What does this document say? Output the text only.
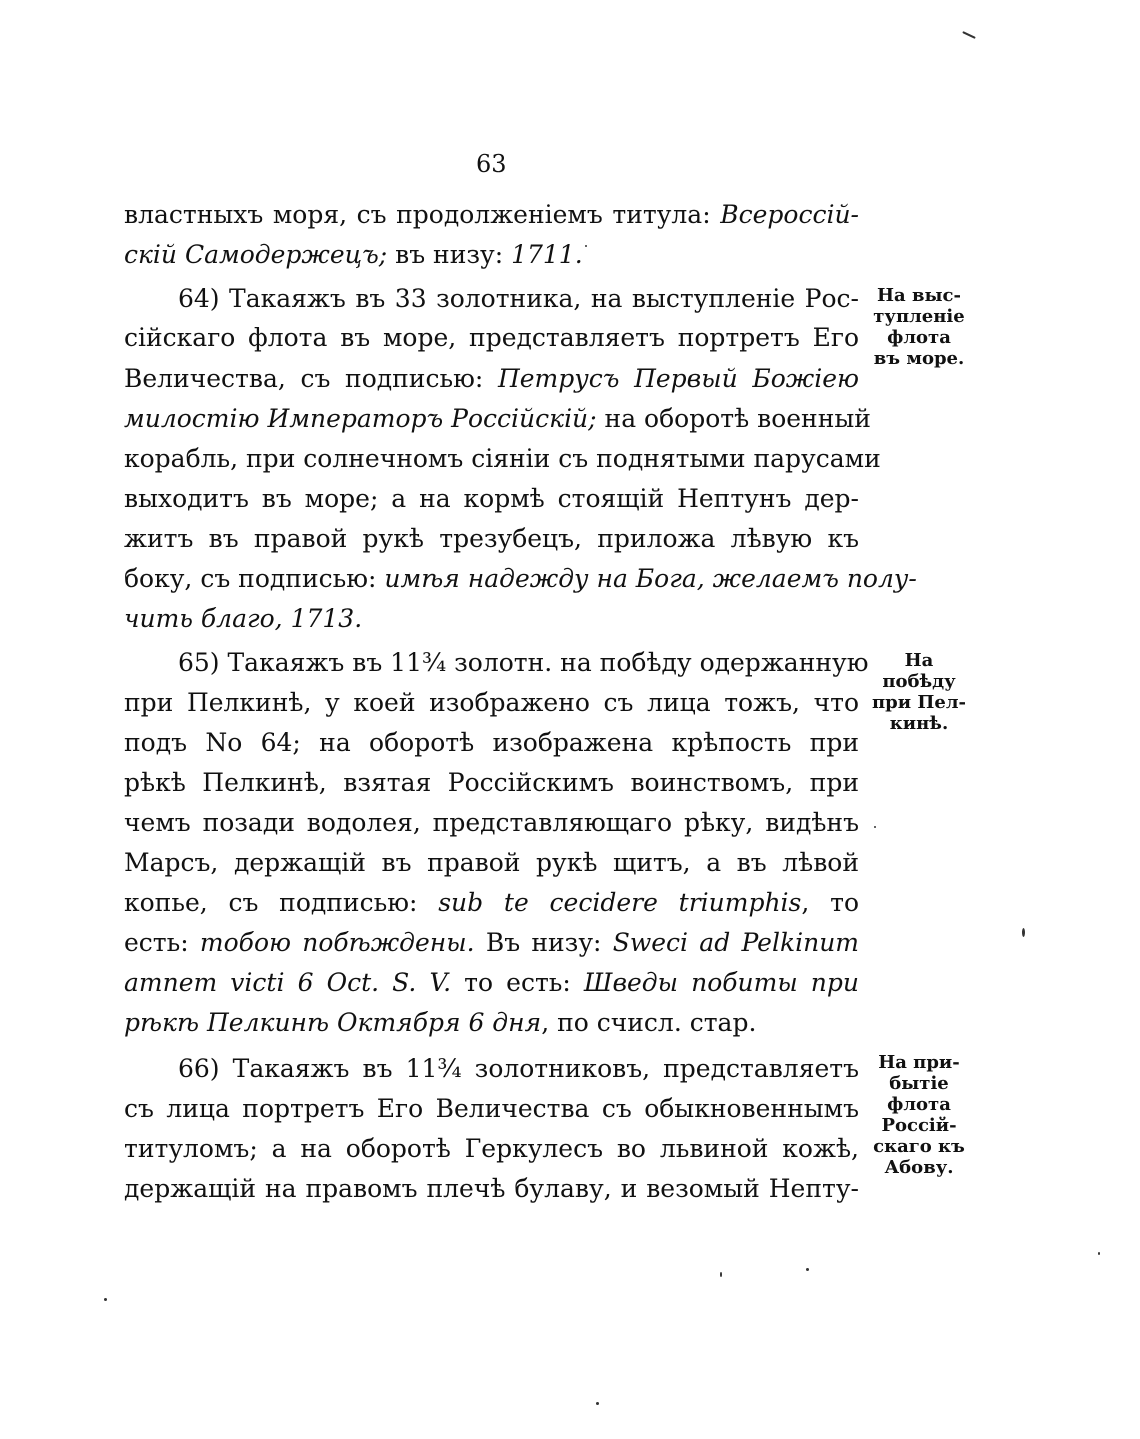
63
властныхъ моря, съ продолженіемъ титула: Всероссій-
скій Самодержецъ; въ низу: 1711.
64) Такаяжъ въ 33 золотника, на выступленіе Рос-
сійскаго флота въ море, представляетъ портретъ Его
Величества, съ подписью: Петрусъ Первый Божіею
милостію Императоръ Россійскій; на оборотѣ военный
корабль, при солнечномъ сіяніи съ поднятыми парусами
выходитъ въ море; а на кормѣ стоящій Нептунъ дер-
житъ въ правой рукѣ трезубецъ, приложа лѣвую къ
боку, съ подписью: имѣя надежду на Бога, желаемъ полу-
чить благо, 1713.
65) Такаяжъ въ 11¾ золотн. на побѣду одержанную
при Пелкинѣ, у коей изображено съ лица тожъ, что
подъ No 64; на оборотѣ изображена крѣпость при
рѣкѣ Пелкинѣ, взятая Россійскимъ воинствомъ, при
чемъ позади водолея, представляющаго рѣку, видѣнъ
Марсъ, держащій въ правой рукѣ щитъ, а въ лѣвой
копье, съ подписью: sub te cecidere triumphis, то
есть: тобою побѣждены. Въ низу: Sweci ad Pelkinum
amnem victi 6 Oct. S. V. то есть: Шведы побиты при
рѣкѣ Пелкинѣ Октября 6 дня, по счисл. стар.
66) Такаяжъ въ 11¾ золотниковъ, представляетъ
съ лица портретъ Его Величества съ обыкновеннымъ
титуломъ; а на оборотѣ Геркулесъ во львиной кожѣ,
держащій на правомъ плечѣ булаву, и везомый Непту-
На выс-
тупленіе
флота
въ море.
На побѣду
при Пел-
кинѣ.
На при-
бытіе
флота
Россій-
скаго къ
Абову.
